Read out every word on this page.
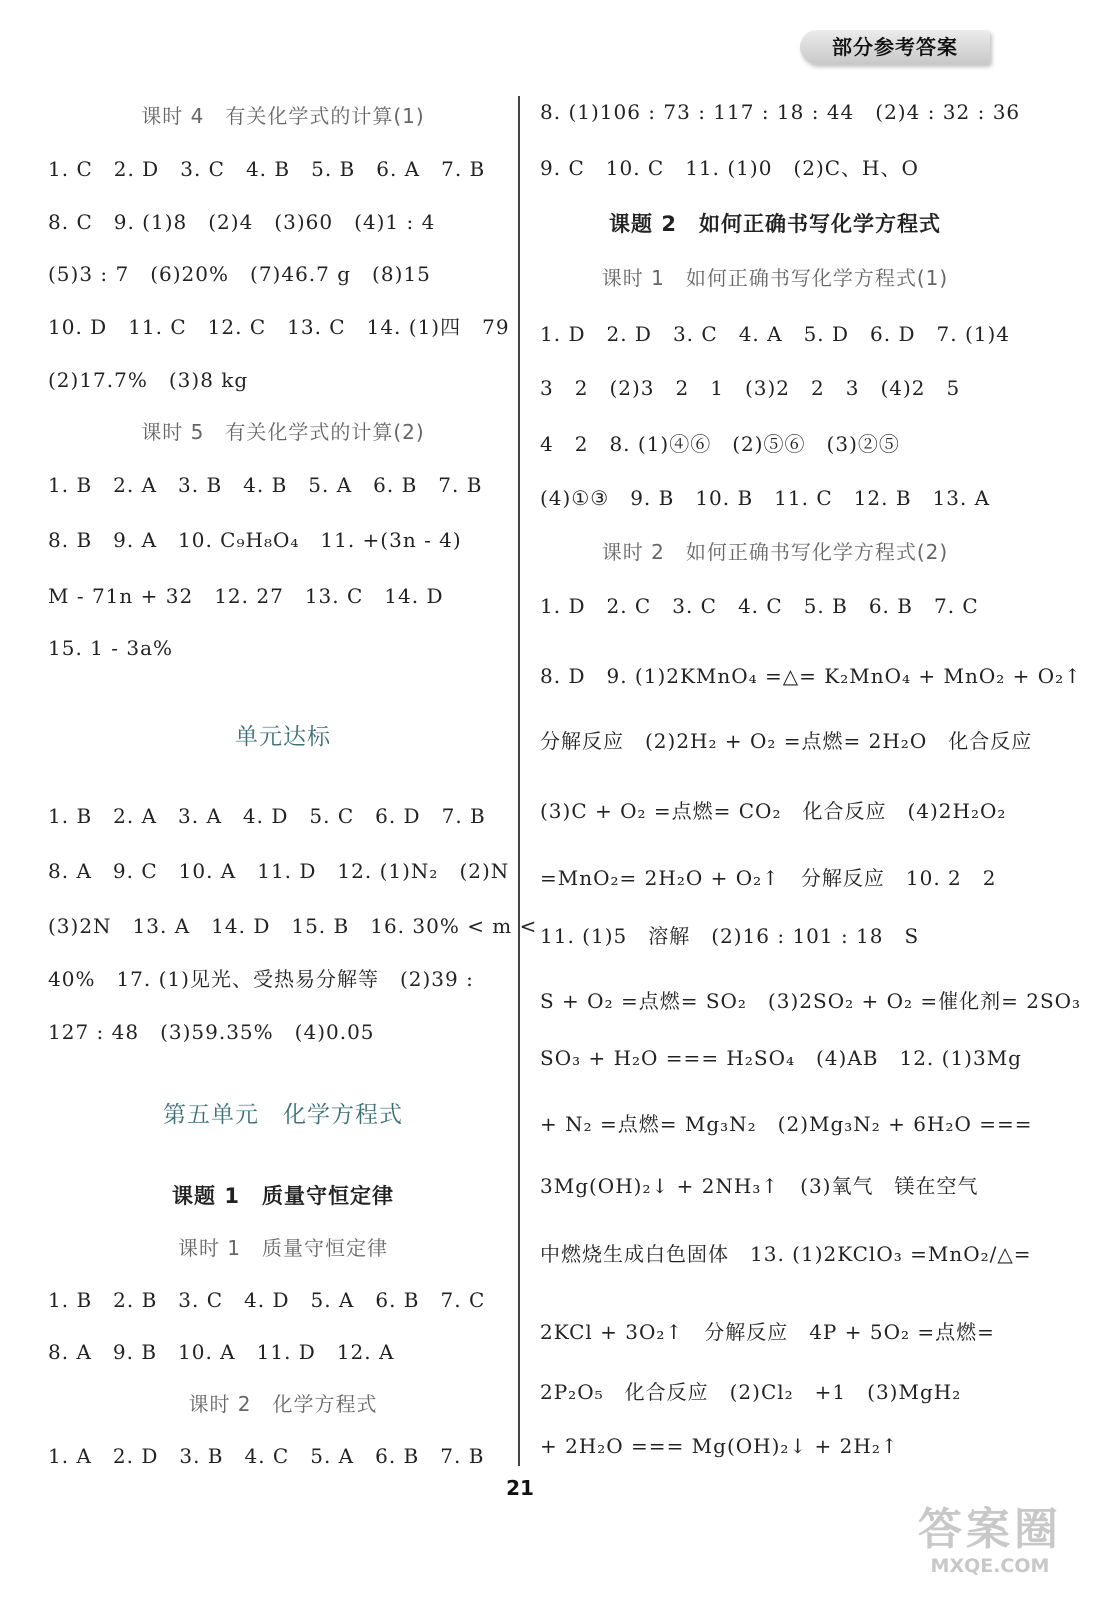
部分参考答案
课时 4　有关化学式的计算(1)
1. C　2. D　3. C　4. B　5. B　6. A　7. B
8. C　9. (1)8　(2)4　(3)60　(4)1 : 4
(5)3 : 7　(6)20%　(7)46.7 g　(8)15
10. D　11. C　12. C　13. C　14. (1)四　79
(2)17.7%　(3)8 kg
课时 5　有关化学式的计算(2)
1. B　2. A　3. B　4. B　5. A　6. B　7. B
8. B　9. A　10. C₉H₈O₄　11. +(3n - 4)
M - 71n + 32　12. 27　13. C　14. D
15. 1 - 3a%
单元达标
1. B　2. A　3. A　4. D　5. C　6. D　7. B
8. A　9. C　10. A　11. D　12. (1)N₂　(2)N
(3)2N　13. A　14. D　15. B　16. 30% < m <
40%　17. (1)见光、受热易分解等　(2)39 :
127 : 48　(3)59.35%　(4)0.05
第五单元　化学方程式
课题 1　质量守恒定律
课时 1　质量守恒定律
1. B　2. B　3. C　4. D　5. A　6. B　7. C
8. A　9. B　10. A　11. D　12. A
课时 2　化学方程式
1. A　2. D　3. B　4. C　5. A　6. B　7. B
8. (1)106 : 73 : 117 : 18 : 44　(2)4 : 32 : 36
9. C　10. C　11. (1)0　(2)C、H、O
课题 2　如何正确书写化学方程式
课时 1　如何正确书写化学方程式(1)
1. D　2. D　3. C　4. A　5. D　6. D　7. (1)4
3　2　(2)3　2　1　(3)2　2　3　(4)2　5
4　2　8. (1)④⑥　(2)⑤⑥　(3)②⑤
(4)①③　9. B　10. B　11. C　12. B　13. A
课时 2　如何正确书写化学方程式(2)
1. D　2. C　3. C　4. C　5. B　6. B　7. C
8. D　9. (1)2KMnO₄ =△= K₂MnO₄ + MnO₂ + O₂↑
分解反应　(2)2H₂ + O₂ =点燃= 2H₂O　化合反应
(3)C + O₂ =点燃= CO₂　化合反应　(4)2H₂O₂
=MnO₂= 2H₂O + O₂↑　分解反应　10. 2　2
11. (1)5　溶解　(2)16 : 101 : 18　S
S + O₂ =点燃= SO₂　(3)2SO₂ + O₂ =催化剂= 2SO₃
SO₃ + H₂O === H₂SO₄　(4)AB　12. (1)3Mg
+ N₂ =点燃= Mg₃N₂　(2)Mg₃N₂ + 6H₂O ===
3Mg(OH)₂↓ + 2NH₃↑　(3)氧气　镁在空气
中燃烧生成白色固体　13. (1)2KClO₃ =MnO₂/△=
2KCl + 3O₂↑　分解反应　4P + 5O₂ =点燃=
2P₂O₅　化合反应　(2)Cl₂　+1　(3)MgH₂
+ 2H₂O === Mg(OH)₂↓ + 2H₂↑
21
答案圈
MXQE.COM
